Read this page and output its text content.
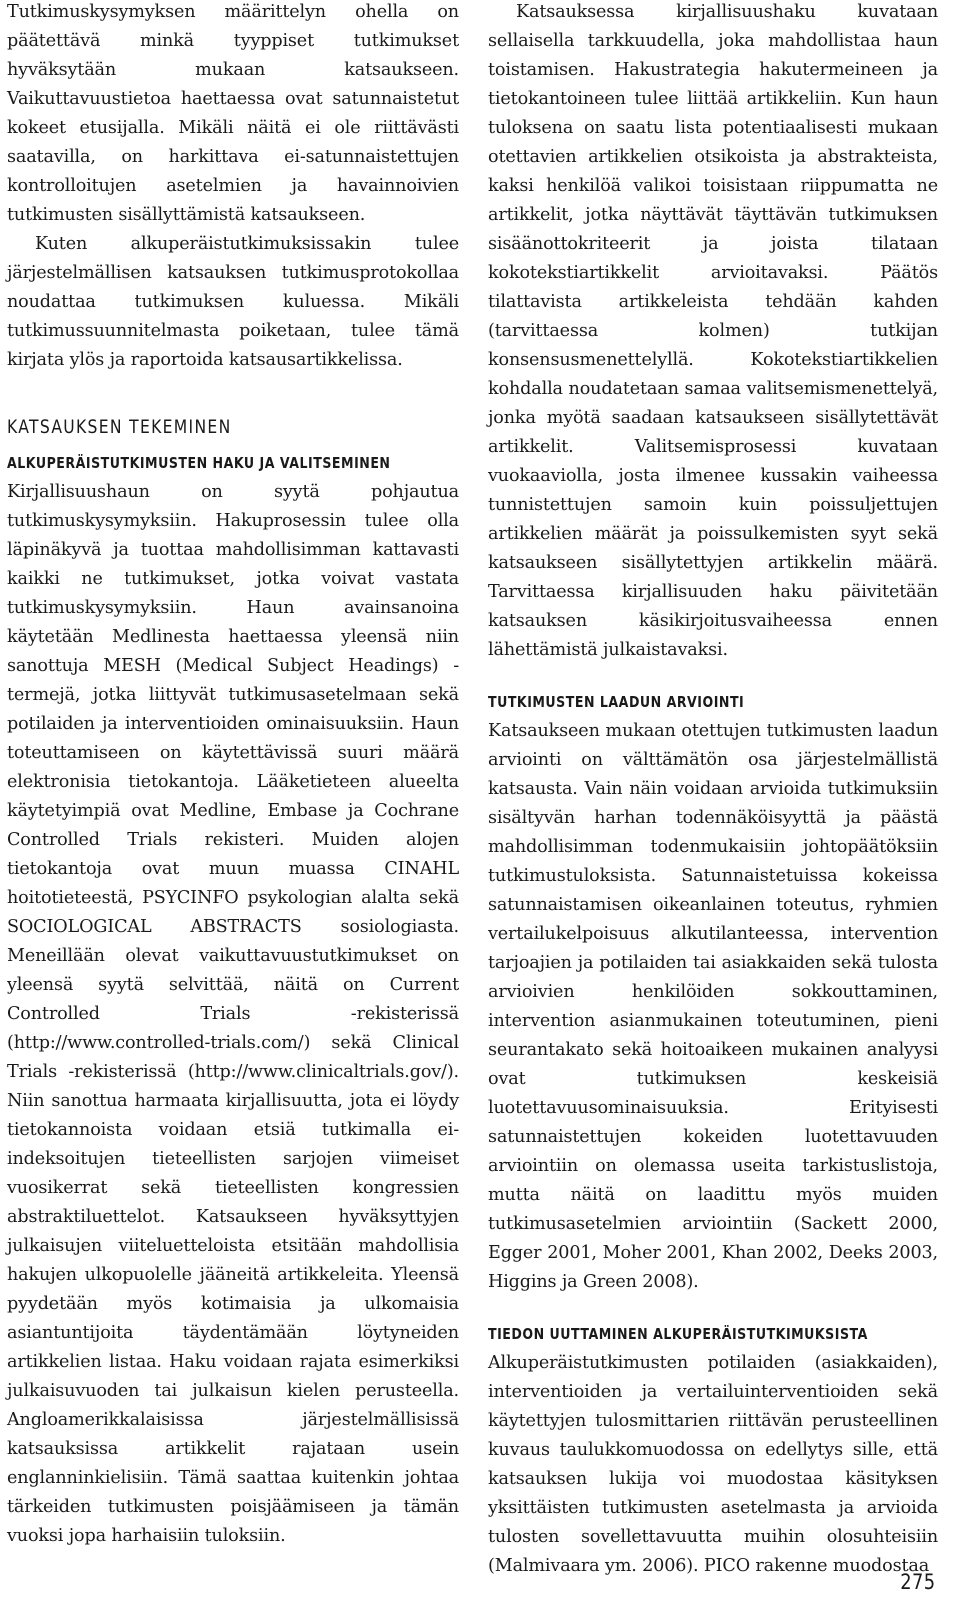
Tutkimuskysymyksen määrittelyn ohella on päätettävä minkä tyyppiset tutkimukset hyväksytään mukaan katsaukseen. Vaikuttavuustietoa haettaessa ovat satunnaistetut kokeet etusijalla. Mikäli näitä ei ole riittävästi saatavilla, on harkittava ei-satunnaistettujen kontrolloitujen asetelmien ja havainnoivien tutkimusten sisällyttämistä katsaukseen.

Kuten alkuperäistutkimuksissakin tulee järjestelmällisen katsauksen tutkimusprotokollaa noudattaa tutkimuksen kuluessa. Mikäli tutkimussuunnitelmasta poiketaan, tulee tämä kirjata ylös ja raportoida katsausartikkelissa.

KATSAUKSEN TEKEMINEN
ALKUPERÄISTUTKIMUSTEN HAKU JA VALITSEMINEN

Kirjallisuushaun on syytä pohjautua tutkimuskysymyksiin. Hakuprosessin tulee olla läpinäkyvä ja tuottaa mahdollisimman kattavasti kaikki ne tutkimukset, jotka voivat vastata tutkimuskysymyksiin. Haun avainsanoina käytetään Medlinesta haettaessa yleensä niin sanottuja MESH (Medical Subject Headings) -termejä, jotka liittyvät tutkimusasetelmaan sekä potilaiden ja interventioiden ominaisuuksiin. Haun toteuttamiseen on käytettävissä suuri määrä elektronisia tietokantoja. Lääketieteen alueelta käytetyimpiä ovat Medline, Embase ja Cochrane Controlled Trials rekisteri. Muiden alojen tietokantoja ovat muun muassa CINAHL hoitotieteestä, PSYCINFO psykologian alalta sekä SOCIOLOGICAL ABSTRACTS sosiologiasta. Meneillään olevat vaikuttavuustutkimukset on yleensä syytä selvittää, näitä on Current Controlled Trials -rekisterissä (http://www.controlled-trials.com/) sekä Clinical Trials -rekisterissä (http://www.clinicaltrials.gov/). Niin sanottua harmaata kirjallisuutta, jota ei löydy tietokannoista voidaan etsiä tutkimalla ei-indeksoitujen tieteellisten sarjojen viimeiset vuosikerrat sekä tieteellisten kongressien abstraktiluettelot. Katsaukseen hyväksyttyjen julkaisujen viiteluetteloista etsitään mahdollisia hakujen ulkopuolelle jääneitä artikkeleita. Yleensä pyydetään myös kotimaisia ja ulkomaisia asiantuntijoita täydentämään löytyneiden artikkelien listaa. Haku voidaan rajata esimerkiksi julkaisuvuoden tai julkaisun kielen perusteella. Angloamerikkalaisissa järjestelmällisissä katsauksissa artikkelit rajataan usein englanninkielisiin. Tämä saattaa kuitenkin johtaa tärkeiden tutkimusten poisjäämiseen ja tämän vuoksi jopa harhaisiin tuloksiin.

Katsauksessa kirjallisuushaku kuvataan sellaisella tarkkuudella, joka mahdollistaa haun toistamisen. Hakustrategia hakutermeineen ja tietokantoineen tulee liittää artikkeliin. Kun haun tuloksena on saatu lista potentiaalisesti mukaan otettavien artikkelien otsikoista ja abstrakteista, kaksi henkilöä valikoi toisistaan riippumatta ne artikkelit, jotka näyttävät täyttävän tutkimuksen sisäänottokriteerit ja joista tilataan kokotekstiartikkelit arvioitavaksi. Päätös tilattavista artikkeleista tehdään kahden (tarvittaessa kolmen) tutkijan konsensusmenettelyllä. Kokotekstiartikkelien kohdalla noudatetaan samaa valitsemismenettelyä, jonka myötä saadaan katsaukseen sisällytettävät artikkelit. Valitsemisprosessi kuvataan vuokaaviolla, josta ilmenee kussakin vaiheessa tunnistettujen samoin kuin poissuljettujen artikkelien määrät ja poissulkemisten syyt sekä katsaukseen sisällytettyjen artikkelin määrä. Tarvittaessa kirjallisuuden haku päivitetään katsauksen käsikirjoitusvaiheessa ennen lähettämistä julkaistavaksi.

TUTKIMUSTEN LAADUN ARVIOINTI

Katsaukseen mukaan otettujen tutkimusten laadun arviointi on välttämätön osa järjestelmällistä katsausta. Vain näin voidaan arvioida tutkimuksiin sisältyvän harhan todennäköisyyttä ja päästä mahdollisimman todenmukaisiin johtopäätöksiin tutkimustuloksista. Satunnaistetuissa kokeissa satunnaistamisen oikeanlainen toteutus, ryhmien vertailukelpoisuus alkutilanteessa, intervention tarjoajien ja potilaiden tai asiakkaiden sekä tulosta arvioivien henkilöiden sokkouttaminen, intervention asianmukainen toteutuminen, pieni seurantakato sekä hoitoaikeen mukainen analyysi ovat tutkimuksen keskeisiä luotettavuusominaisuuksia. Erityisesti satunnaistettujen kokeiden luotettavuuden arviointiin on olemassa useita tarkistuslistoja, mutta näitä on laadittu myös muiden tutkimusasetelmien arviointiin (Sackett 2000, Egger 2001, Moher 2001, Khan 2002, Deeks 2003, Higgins ja Green 2008).

TIEDON UUTTAMINEN ALKUPERÄISTUTKIMUKSISTA

Alkuperäistutkimusten potilaiden (asiakkaiden), interventioiden ja vertailuinterventioiden sekä käytettyjen tulosmittarien riittävän perusteellinen kuvaus taulukkomuodossa on edellytys sille, että katsauksen lukija voi muodostaa käsityksen yksittäisten tutkimusten asetelmasta ja arvioida tulosten sovellettavuutta muihin olosuhteisiin (Malmivaara ym. 2006). PICO rakenne muodostaa

275
